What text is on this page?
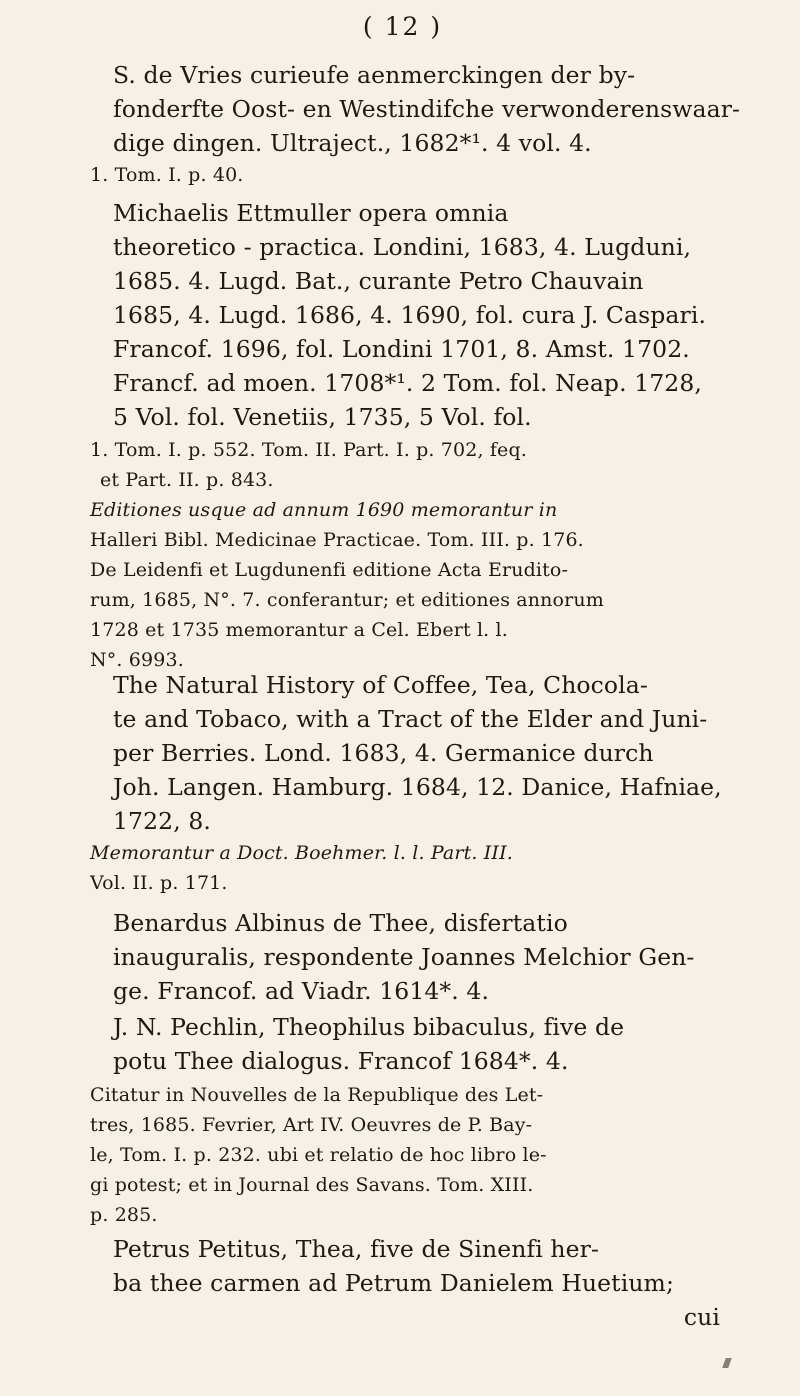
( 12 )

S. de Vries curieufe aenmerckingen der by-
fonderfte Oost- en Westindifche verwonderenswaar-
dige dingen. Ultraject., 1682*¹. 4 vol. 4.

1. Tom. I. p. 40.

Michaelis Ettmuller opera omnia
theoretico - practica. Londini, 1683, 4. Lugduni,
1685. 4. Lugd. Bat., curante Petro Chauvain
1685, 4. Lugd. 1686, 4. 1690, fol. cura J. Caspari.
Francof. 1696, fol. Londini 1701, 8. Amst. 1702.
Francf. ad moen. 1708*¹. 2 Tom. fol. Neap. 1728,
5 Vol. fol. Venetiis, 1735, 5 Vol. fol.

1. Tom. I. p. 552. Tom. II. Part. I. p. 702, feq.
et Part. II. p. 843.
Editiones usque ad annum 1690 memorantur in
Halleri Bibl. Medicinae Practicae. Tom. III. p. 176.
De Leidenfi et Lugdunenfi editione Acta Erudito-
rum, 1685, N°. 7. conferantur; et editiones annorum
1728 et 1735 memorantur a Cel. Ebert l. l.
N°. 6993.

The Natural History of Coffee, Tea, Chocola-
te and Tobaco, with a Tract of the Elder and Juni-
per Berries. Lond. 1683, 4. Germanice durch
Joh. Langen. Hamburg. 1684, 12. Danice, Hafniae,
1722, 8.

Memorantur a Doct. Boehmer. l. l. Part. III.
Vol. II. p. 171.

Benardus Albinus de Thee, disfertatio
inauguralis, respondente Joannes Melchior Gen-
ge. Francof. ad Viadr. 1614*. 4.

J. N. Pechlin, Theophilus bibaculus, five de
potu Thee dialogus. Francof 1684*. 4.

Citatur in Nouvelles de la Republique des Let-
tres, 1685. Fevrier, Art IV. Oeuvres de P. Bay-
le, Tom. I. p. 232. ubi et relatio de hoc libro le-
gi potest; et in Journal des Savans. Tom. XIII.
p. 285.

Petrus Petitus, Thea, five de Sinenfi her-
ba thee carmen ad Petrum Danielem Huetium;
cui
